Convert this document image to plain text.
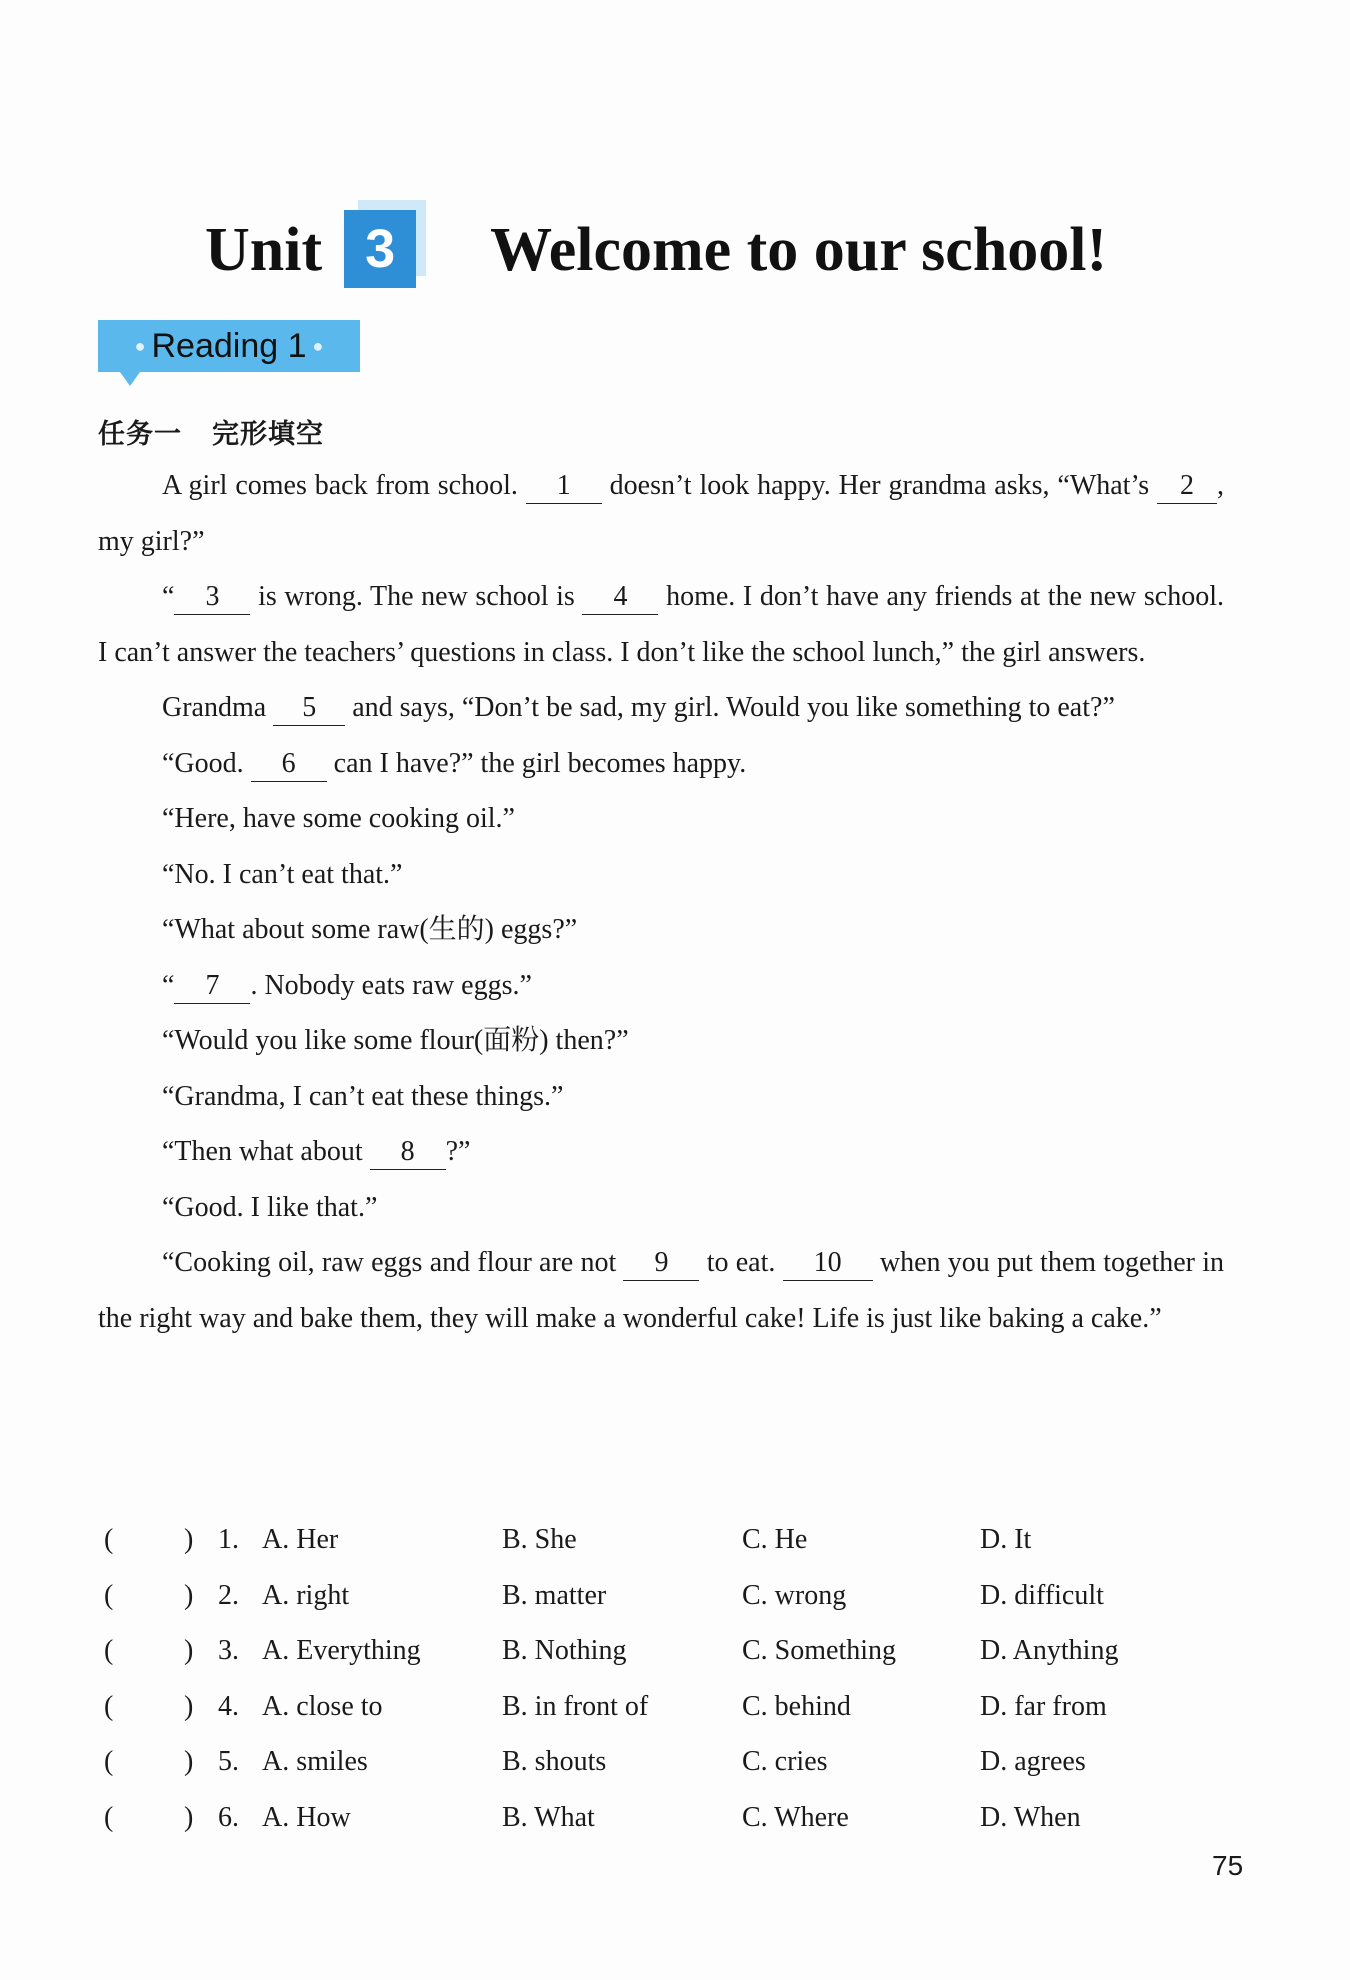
Unit 3	Welcome to our school!
● Reading 1 ●
任务一 完形填空

A girl comes back from school. 1 doesn’t look happy. Her grandma asks, “What’s 2 , my girl?”

“ 3 is wrong. The new school is 4 home. I don’t have any friends at the new school. I can’t answer the teachers’ questions in class. I don’t like the school lunch,” the girl answers.

Grandma 5 and says, “Don’t be sad, my girl. Would you like something to eat?”

“Good. 6 can I have?” the girl becomes happy.

“Here, have some cooking oil.”

“No. I can’t eat that.”

“What about some raw(生的) eggs?”

“ 7 . Nobody eats raw eggs.”

“Would you like some flour(面粉) then?”

“Grandma, I can’t eat these things.”

“Then what about 8 ?”

“Good. I like that.”

“Cooking oil, raw eggs and flour are not 9 to eat. 10 when you put them together in the right way and bake them, they will make a wonderful cake! Life is just like baking a cake.”

(	) 1. A. Her	B. She	C. He	D. It
(	) 2. A. right	B. matter	C. wrong	D. difficult
(	) 3. A. Everything	B. Nothing	C. Something	D. Anything
(	) 4. A. close to	B. in front of	C. behind	D. far from
(	) 5. A. smiles	B. shouts	C. cries	D. agrees
(	) 6. A. How	B. What	C. Where	D. When
75
